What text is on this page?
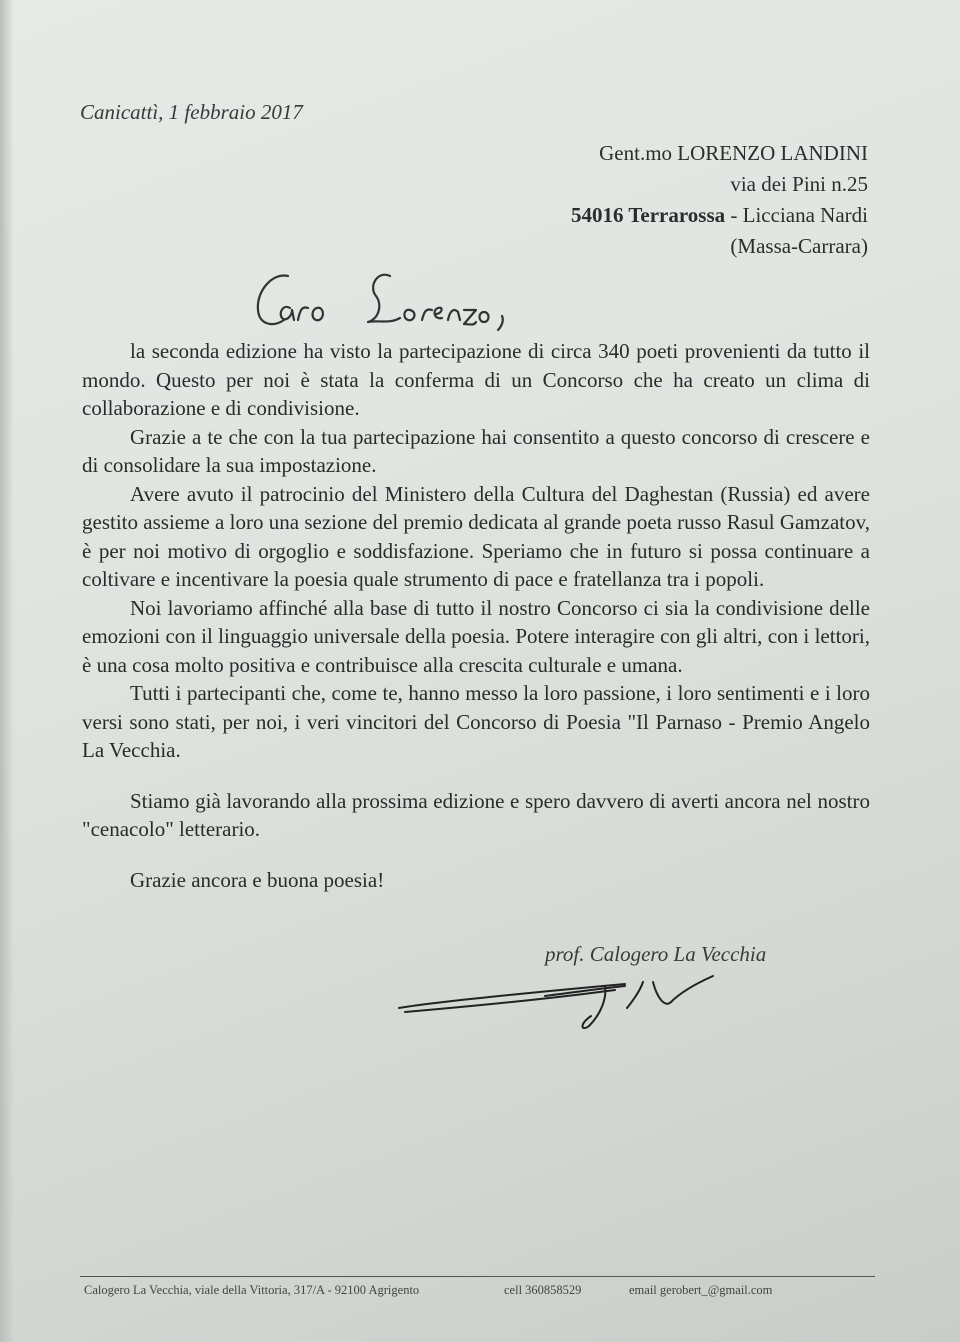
Canicattì, 1 febbraio 2017
Gent.mo LORENZO LANDINI
via dei Pini n.25
54016 Terrarossa - Licciana Nardi
(Massa-Carrara)

la seconda edizione ha visto la partecipazione di circa 340 poeti provenienti da tutto il mondo. Questo per noi è stata la conferma di un Concorso che ha creato un clima di collaborazione e di condivisione.

Grazie a te che con la tua partecipazione hai consentito a questo concorso di crescere e di consolidare la sua impostazione.

Avere avuto il patrocinio del Ministero della Cultura del Daghestan (Russia) ed avere gestito assieme a loro una sezione del premio dedicata al grande poeta russo Rasul Gamzatov, è per noi motivo di orgoglio e soddisfazione. Speriamo che in futuro si possa continuare a coltivare e incentivare la poesia quale strumento di pace e fratellanza tra i popoli.

Noi lavoriamo affinché alla base di tutto il nostro Concorso ci sia la condivisione delle emozioni con il linguaggio universale della poesia. Potere interagire con gli altri, con i lettori, è una cosa molto positiva e contribuisce alla crescita culturale e umana.

Tutti i partecipanti che, come te, hanno messo la loro passione, i loro sentimenti e i loro versi sono stati, per noi, i veri vincitori del Concorso di Poesia "Il Parnaso - Premio Angelo La Vecchia.

Stiamo già lavorando alla prossima edizione e spero davvero di averti ancora nel nostro "cenacolo" letterario.

Grazie ancora e buona poesia!

prof. Calogero La Vecchia
Calogero La Vecchia, viale della Vittoria, 317/A - 92100 Agrigento	cell 3608585​29	email gerobert_@gmail.com
